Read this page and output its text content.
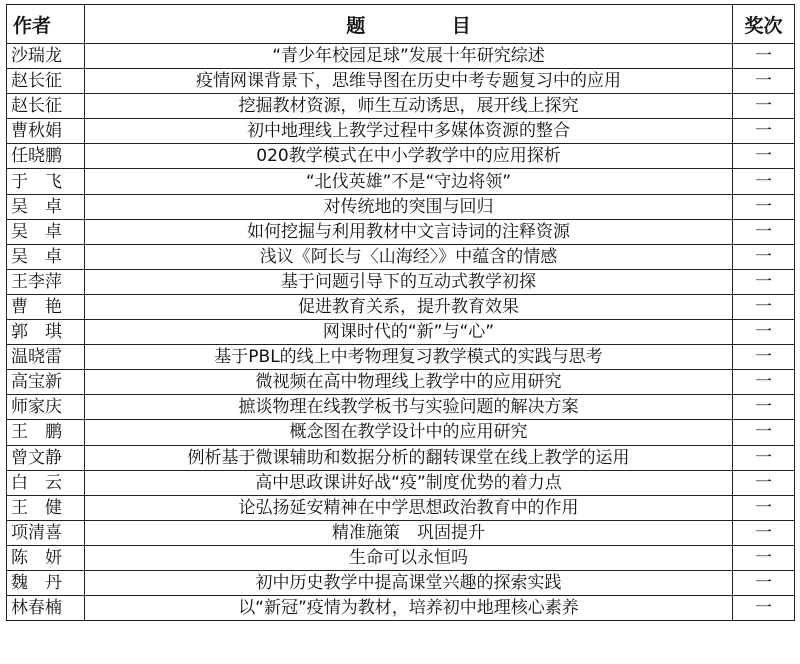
作者	题 目	奖次
沙瑞龙	“青少年校园足球”发展十年研究综述	一
赵长征	疫情网课背景下，思维导图在历史中考专题复习中的应用	一
赵长征	挖掘教材资源，师生互动诱思，展开线上探究	一
曹秋娟	初中地理线上教学过程中多媒体资源的整合	一
任晓鹏	020教学模式在中小学教学中的应用探析	一
于　飞	“北伐英雄”不是“守边将领”	一
吴　卓	对传统地的突围与回归	一
吴　卓	如何挖掘与利用教材中文言诗词的注释资源	一
吴　卓	浅议《阿长与〈山海经〉》中蕴含的情感	一
王李萍	基于问题引导下的互动式教学初探	一
曹　艳	促进教育关系，提升教育效果	一
郭　琪	网课时代的“新”与“心”	一
温晓雷	基于PBL的线上中考物理复习教学模式的实践与思考	一
高宝新	微视频在高中物理线上教学中的应用研究	一
师家庆	摭谈物理在线教学板书与实验问题的解决方案	一
王　鹏	概念图在教学设计中的应用研究	一
曾文静	例析基于微课辅助和数据分析的翻转课堂在线上教学的运用	一
白　云	高中思政课讲好战“疫”制度优势的着力点	一
王　健	论弘扬延安精神在中学思想政治教育中的作用	一
项清喜	精准施策　巩固提升	一
陈　妍	生命可以永恒吗	一
魏　丹	初中历史教学中提高课堂兴趣的探索实践	一
林春楠	以“新冠”疫情为教材，培养初中地理核心素养	一
